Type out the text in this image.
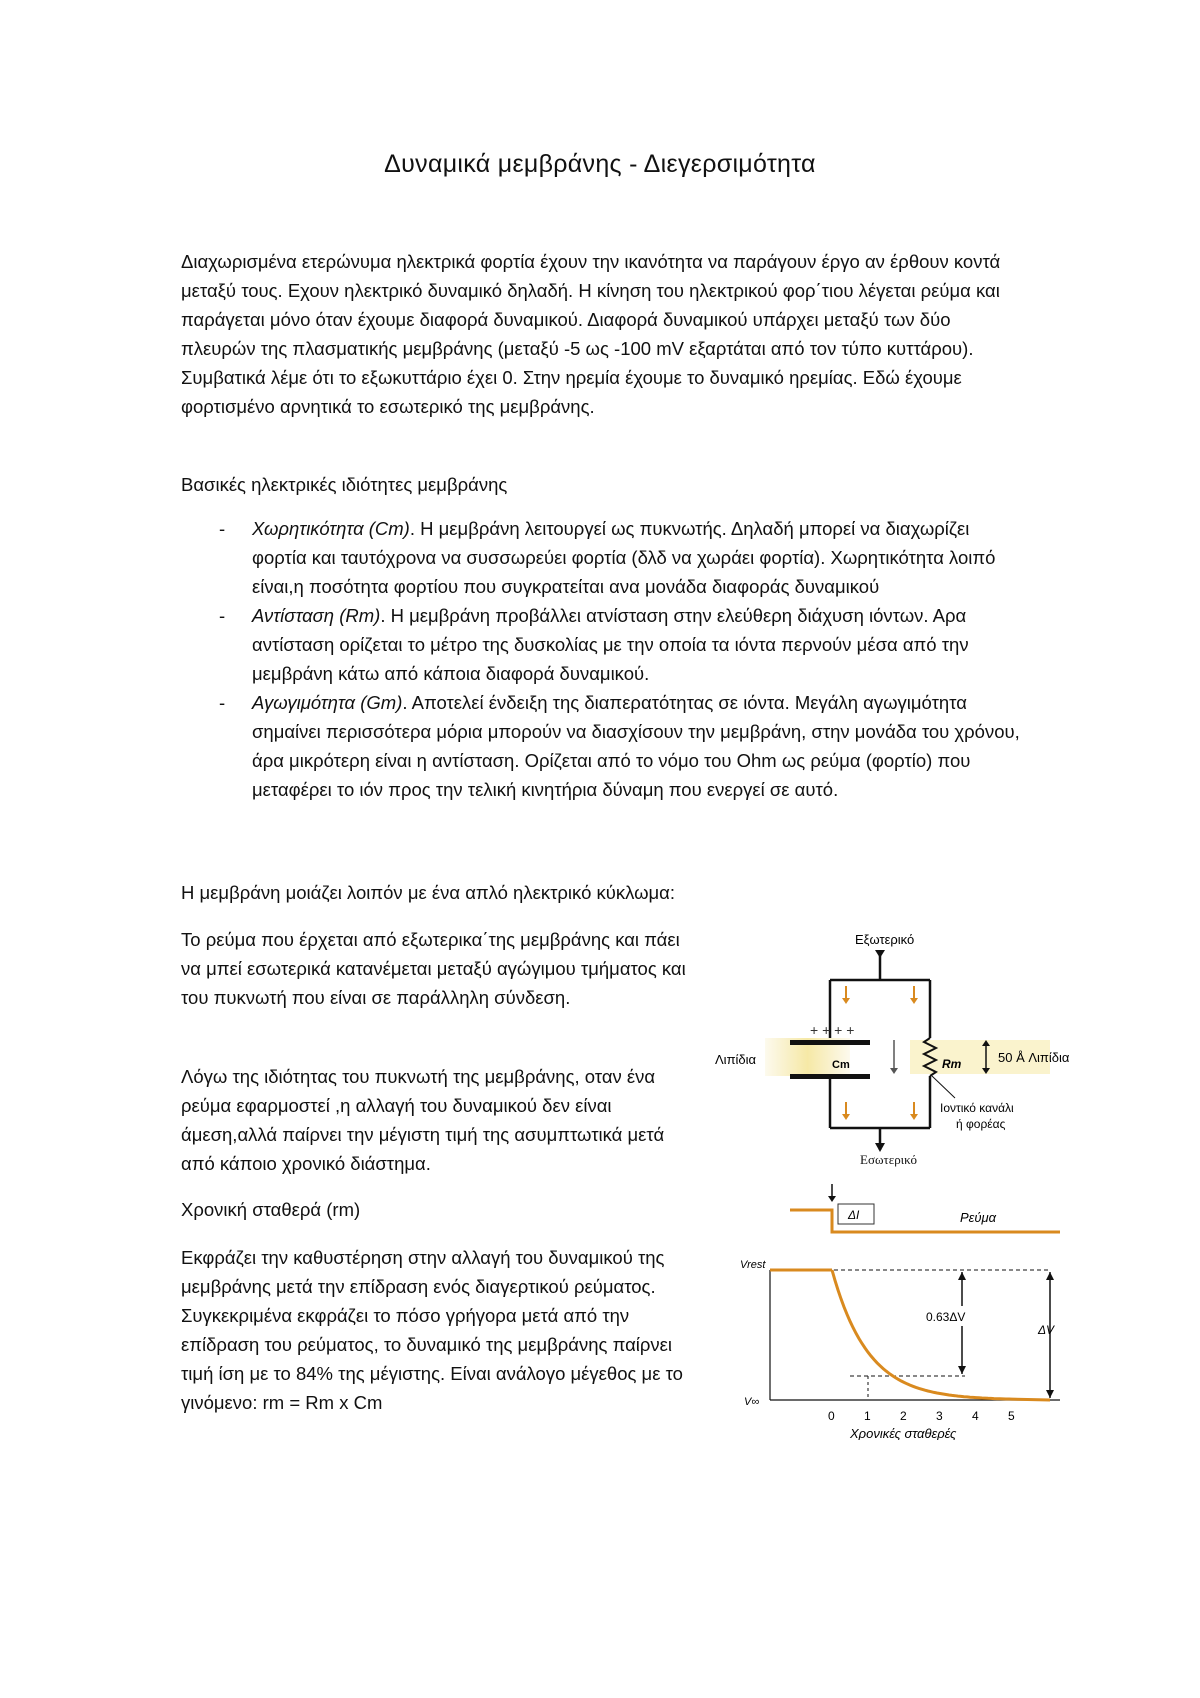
Δυναμικά μεμβράνης - Διεγερσιμότητα

Διαχωρισμένα ετερώνυμα ηλεκτρικά φορτία έχουν την ικανότητα να παράγουν έργο αν έρθουν κοντά μεταξύ τους. Εχουν ηλεκτρικό δυναμικό δηλαδή. Η κίνηση του ηλεκτρικού φορ΄τιου λέγεται ρεύμα και παράγεται μόνο όταν έχουμε διαφορά δυναμικού. Διαφορά δυναμικού υπάρχει μεταξύ των δύο πλευρών της πλασματικής μεμβράνης (μεταξύ -5 ως -100 mV εξαρτάται από τον τύπο κυττάρου). Συμβατικά λέμε ότι το εξωκυττάριο έχει 0. Στην ηρεμία έχουμε το δυναμικό ηρεμίας. Εδώ έχουμε φορτισμένο αρνητικά το εσωτερικό της μεμβράνης.

Βασικές ηλεκτρικές ιδιότητες μεμβράνης

- Χωρητικότητα (Cm). Η μεμβράνη λειτουργεί ως πυκνωτής. Δηλαδή μπορεί να διαχωρίζει φορτία και ταυτόχρονα να συσσωρεύει φορτία (δλδ να χωράει φορτία). Χωρητικότητα λοιπό είναι,η ποσότητα φορτίου που συγκρατείται ανα μονάδα διαφοράς δυναμικού
- Αντίσταση (Rm). Η μεμβράνη προβάλλει ατνίσταση στην ελεύθερη διάχυση ιόντων. Αρα αντίσταση ορίζεται το μέτρο της δυσκολίας με την οποία τα ιόντα περνούν μέσα από την μεμβράνη κάτω από κάποια διαφορά δυναμικού.
- Αγωγιμότητα (Gm). Αποτελεί ένδειξη της διαπερατότητας σε ιόντα. Μεγάλη αγωγιμότητα σημαίνει περισσότερα μόρια μπορούν να διασχίσουν την μεμβράνη, στην μονάδα του χρόνου, άρα μικρότερη είναι η αντίσταση. Ορίζεται από το νόμο του Ohm ως ρεύμα (φορτίο) που μεταφέρει το ιόν προς την τελική κινητήρια δύναμη που ενεργεί σε αυτό.

Η μεμβράνη μοιάζει λοιπόν με ένα απλό ηλεκτρικό κύκλωμα:

Το ρεύμα που έρχεται από εξωτερικα΄της μεμβράνης και πάει να μπεί εσωτερικά κατανέμεται μεταξύ αγώγιμου τμήματος και του πυκνωτή που είναι σε παράλληλη σύνδεση.

Λόγω της ιδιότητας του πυκνωτή της μεμβράνης, οταν ένα ρεύμα εφαρμοστεί ,η αλλαγή του δυναμικού δεν είναι άμεση,αλλά παίρνει την μέγιστη τιμή της ασυμπτωτικά μετά από κάποιο χρονικό διάστημα.

Χρονική σταθερά (rm)

Εκφράζει την καθυστέρηση στην αλλαγή του δυναμικού της μεμβράνης μετά την επίδραση ενός διαγερτικού ρεύματος. Συγκεκριμένα εκφράζει το πόσο γρήγορα μετά από την επίδραση του ρεύματος, το δυναμικό της μεμβράνης παίρνει τιμή ίση με το 84% της μέγιστης. Είναι ανάλογο μέγεθος με το γινόμενο: rm = Rm x Cm

Εξωτερικό
+ + + +
Cm	Rm
Λιπίδια	50 Å Λιπίδια
Ιοντικό κανάλι
ή φορέας
Εσωτερικό
ΔI	Ρεύμα
Vrest
V∞
0.63ΔV
ΔV
0 1 2 3 4 5
Χρονικές σταθερές
